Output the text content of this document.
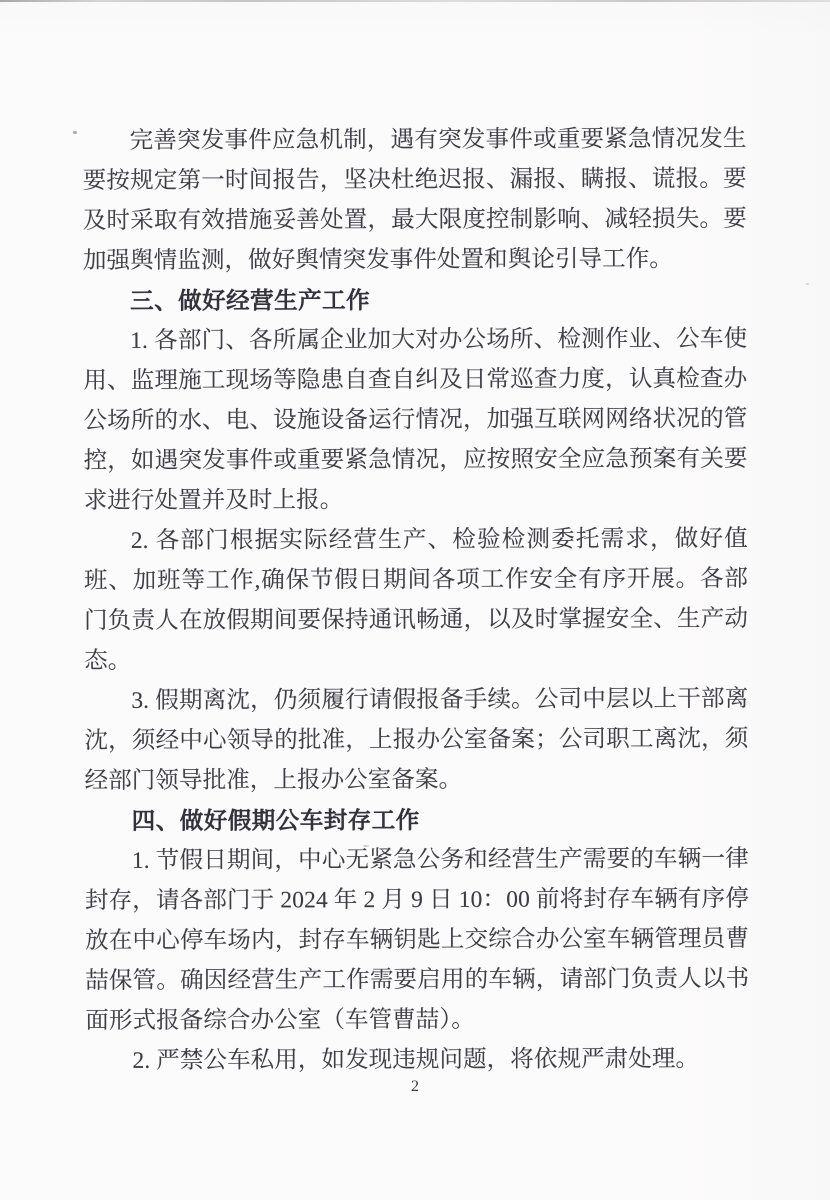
完善突发事件应急机制，遇有突发事件或重要紧急情况发生要按规定第一时间报告，坚决杜绝迟报、漏报、瞒报、谎报。要及时采取有效措施妥善处置，最大限度控制影响、减轻损失。要加强舆情监测，做好舆情突发事件处置和舆论引导工作。

三、做好经营生产工作

1. 各部门、各所属企业加大对办公场所、检测作业、公车使用、监理施工现场等隐患自查自纠及日常巡查力度，认真检查办公场所的水、电、设施设备运行情况，加强互联网网络状况的管控，如遇突发事件或重要紧急情况，应按照安全应急预案有关要求进行处置并及时上报。

2. 各部门根据实际经营生产、检验检测委托需求，做好值班、加班等工作,确保节假日期间各项工作安全有序开展。各部门负责人在放假期间要保持通讯畅通，以及时掌握安全、生产动态。

3. 假期离沈，仍须履行请假报备手续。公司中层以上干部离沈，须经中心领导的批准，上报办公室备案；公司职工离沈，须经部门领导批准，上报办公室备案。

四、做好假期公车封存工作

1. 节假日期间，中心无紧急公务和经营生产需要的车辆一律封存，请各部门于 2024 年 2 月 9 日 10：00 前将封存车辆有序停放在中心停车场内，封存车辆钥匙上交综合办公室车辆管理员曹喆保管。确因经营生产工作需要启用的车辆，请部门负责人以书面形式报备综合办公室（车管曹喆）。

2. 严禁公车私用，如发现违规问题，将依规严肃处理。

2
